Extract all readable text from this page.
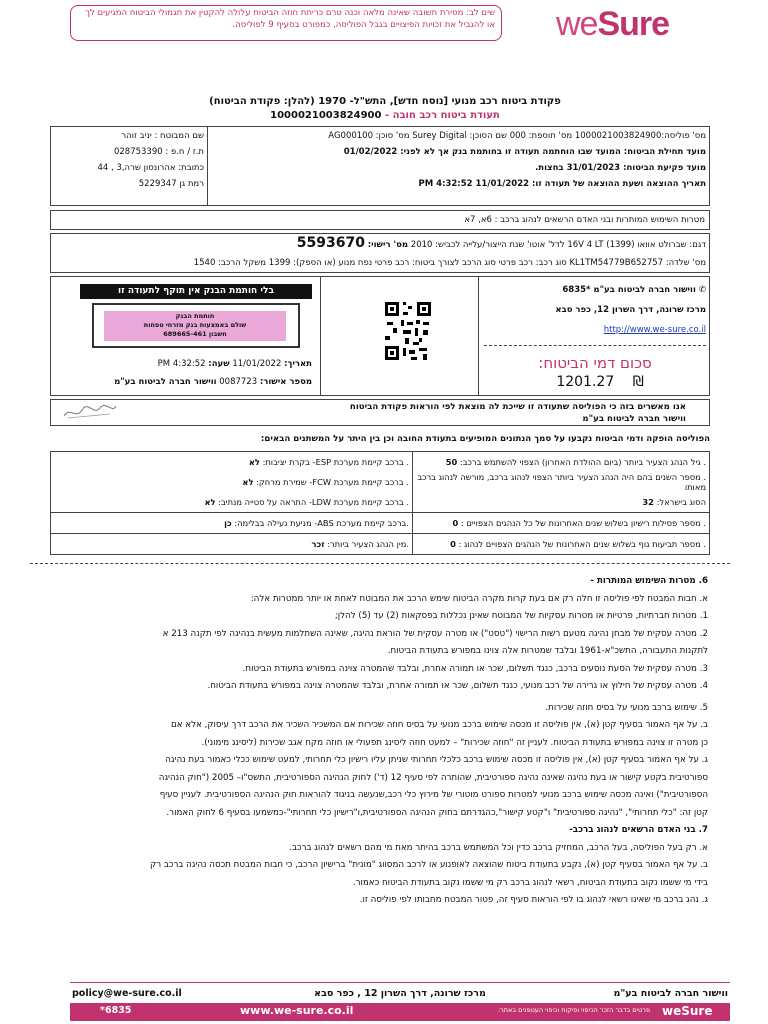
weSure
שים לב: מסירת תשובה שאינה מלאה וכנה טרם כריתת חוזה הביטוח עלולה להקטין את תגמולי הביטוח המגיעים לך או להגביל את זכויות הפיצויים בגבל הפוליסה, כמפורט בסעיף 9 לפוליסה.
פקודת ביטוח רכב מנועי [נוסח חדש], התש"ל- 1970 (להלן: פקודת הביטוח)
תעודת ביטוח רכב חובה - 1000021003824900
מס' פוליסה:1000021003824900 מס' תוספת: 000 שם הסוכן: Surey Digital מס' סוכן: AG000100
מועד תחילת הביטוח: המועד שבו הוחתמה תעודה זו בחותמת בנק אך לא לפני: 01/02/2022
מועד פקיעת הביטוח: 31/01/2023 בחצות.
תאריך ההוצאה ושעת ההוצאה של תעודה זו: 11/01/2022 PM 4:32:52
שם המבוטח : יניב זוהר
ת.ז / ח.פ : 028753390
כתובת: אהרונסון שרה,3 , 44
רמת גן 5229347
מטרות השימוש המותרות ובני האדם הרשאים לנהוג ברכב : 6א, 7א
דגם: שברולט אוואו 16V 4 LT (1399) לדל' אוטו' שנת הייצור/עלייה לכביש: 2010 מס' רישוי: 5593670
מס' שלדה: KL1TM54779B652757 סוג רכב: רכב פרטי סוג הרכב לצורך ביטוח: רכב פרטי נפח מנוע (או הספק): 1399 משקל הרכב: 1540
✆ ווישור חברה לביטוח בע"מ *6835
מרכז שרונה, דרך השרון 12, כפר סבא
http://www.we-sure.co.il
סכום דמי הביטוח:
1201.27 ₪
בלי חותמת הבנק אין תוקף לתעודה זו
חותמת הבנק
שולם באמצעות בנק מזרחי טפחות
חשבון 689665-461
תאריך: 11/01/2022 שעה: PM 4:32:52
מספר אישור: 0087723 ווישור חברה לביטוח בע"מ
אנו מאשרים בזה כי הפוליסה שתעודה זו שייכת לה מוצאת לפי הוראות פקודת הביטוח
ווישור חברה לביטוח בע"מ
הפוליסה הופקה ודמי הביטוח נקבעו על סמך הנתונים המופיעים בתעודת החובה וכן בין היתר על המשתנים הבאים:
. גיל הנהג הצעיר ביותר (ביום ההולדת האחרון) הצפוי להשתמש ברכב: 50	. ברכב קיימת מערכת ESP- בקרת יציבות: לא
. מספר השנים בהם היה הנהג הצעיר ביותר הצפוי לנהוג ברכב, מורשה לנהוג ברכב מאותו	. ברכב קיימת מערכת FCW- שמירת מרחק: לא
הסוג בישראל: 32	. ברכב קיימת מערכת LDW- התראה על סטייה מנתיב: לא
. מספר פסילות רישיון בשלוש שנים האחרונות של כל הנהגים הצפויים : 0	.ברכב קיימת מערכת ABS- מניעת נעילה בבלימה: כן
. מספר תביעות גוף בשלוש שנים האחרונות של הנהגים הצפויים לנהוג : 0	.מין הנהג הצעיר ביותר: זכר
6. מטרות השימוש המותרות -
א. חבות המבטח לפי פוליסה זו חלה רק אם בעת קרות מקרה הביטוח שימש הרכב את המבוטח לאחת או יותר ממטרות אלה:
1. מטרות חברתיות, פרטיות או מטרות עסקיות של המבוטח שאינן נכללות בפסקאות (2) עד (5) להלן;
2. מטרה עסקית של מבחן נהיגה מטעם רשות הרישוי ("טסט") או מטרה עסקית של הוראת נהיגה, שאינה השתלמות מעשית בנהיגה לפי תקנה 213 א
לתקנות התעבורה, התשכ"א-1961 ובלבד שמטרות אלה צוינו במפורש בתעודת הביטוח.
3. מטרה עסקית של הסעת נוסעים ברכב, כנגד תשלום, שכר או תמורה אחרת, ובלבד שהמטרה צוינה במפורש בתעודת הביטוח.
4. מטרה עסקית של חילוץ או גרירה של רכב מנועי, כנגד תשלום, שכר או תמורה אחרת, ובלבד שהמטרה צוינה במפורש בתעודת הביטוח.
5. שימוש ברכב מנועי על בסיס חוזה שכירות.
ב. על אף האמור בסעיף קטן (א), אין פוליסה זו מכסה שימוש ברכב מנועי על בסיס חוזה שכירות אם המשכיר השכיר את הרכב דרך עיסוק, אלא אם
כן מטרה זו צוינה במפורש בתעודת הביטוח. לעניין זה "חוזה שכירות" – למעט חוזה ליסינג תפעולי או חוזה מקח אגב שכירות (ליסינג מימוני).
ג. על אף האמור בסעיף קטן (א), אין פוליסה זו מכסה שימוש ברכב כלכלי תחרותי שניתן עליו רישיון כלי תחרותי, למעט שימוש ככלי כאמור בעת נהיגה
ספורטיבית בקטע קישור או בעת נהיגה שאינה נהיגה ספורטיבית, שהותרה לפי סעיף 12 (ד') לחוק הנהיגה הספורטיבית, התשס"ו– 2005 ("חוק הנהיגה
הספורטיבית") ואינה מכסה שימוש ברכב מנועי למטרות ספורט מוטורי של מירוץ כלי רכב,שנעשה בניגוד להוראות חוק הנהיגה הספורטיבית. לעניין סעיף
קטן זה: "כלי תחרותי", "נהיגה ספורטיבית" ו"קטע קישור",כהגדרתם בחוק הנהיגה הספורטיבית,ו"רישיון כלי תחרותי"-כמשמעו בסעיף 6 לחוק האמור.
7. בני האדם הרשאים לנהוג ברכב-
א. רק בעל הפוליסה, בעל הרכב, המחזיק ברכב כדין וכל המשתמש ברכב בהיתר מאת מי מהם רשאים לנהוג ברכב.
ב. על אף האמור בסעיף קטן (א), נקבע בתעודת ביטוח שהוצאה לאופנוע או לרכב המסווג "מונית" ברישיון הרכב, כי חבות המבטח תכסה נהיגה ברכב רק
בידי מי ששמו נקוב בתעודת הביטוח, רשאי לנהוג ברכב רק מי ששמו נקוב בתעודת הביטוח כאמור.
ג. נהג ברכב מי שאינו רשאי לנהוג בו לפי הוראות סעיף זה, פטור המבטח מחבותו לפי פוליסה זו.
policy@we-sure.co.il	מרכז שרונה, דרך השרון 12 , כפר סבא	ווישור חברה לביטוח בע"מ
*6835	www.we-sure.co.il	פרטים בדבר הזכר הכיסוי ופיקוח וכיפוי העטפנים באתר: weSure
